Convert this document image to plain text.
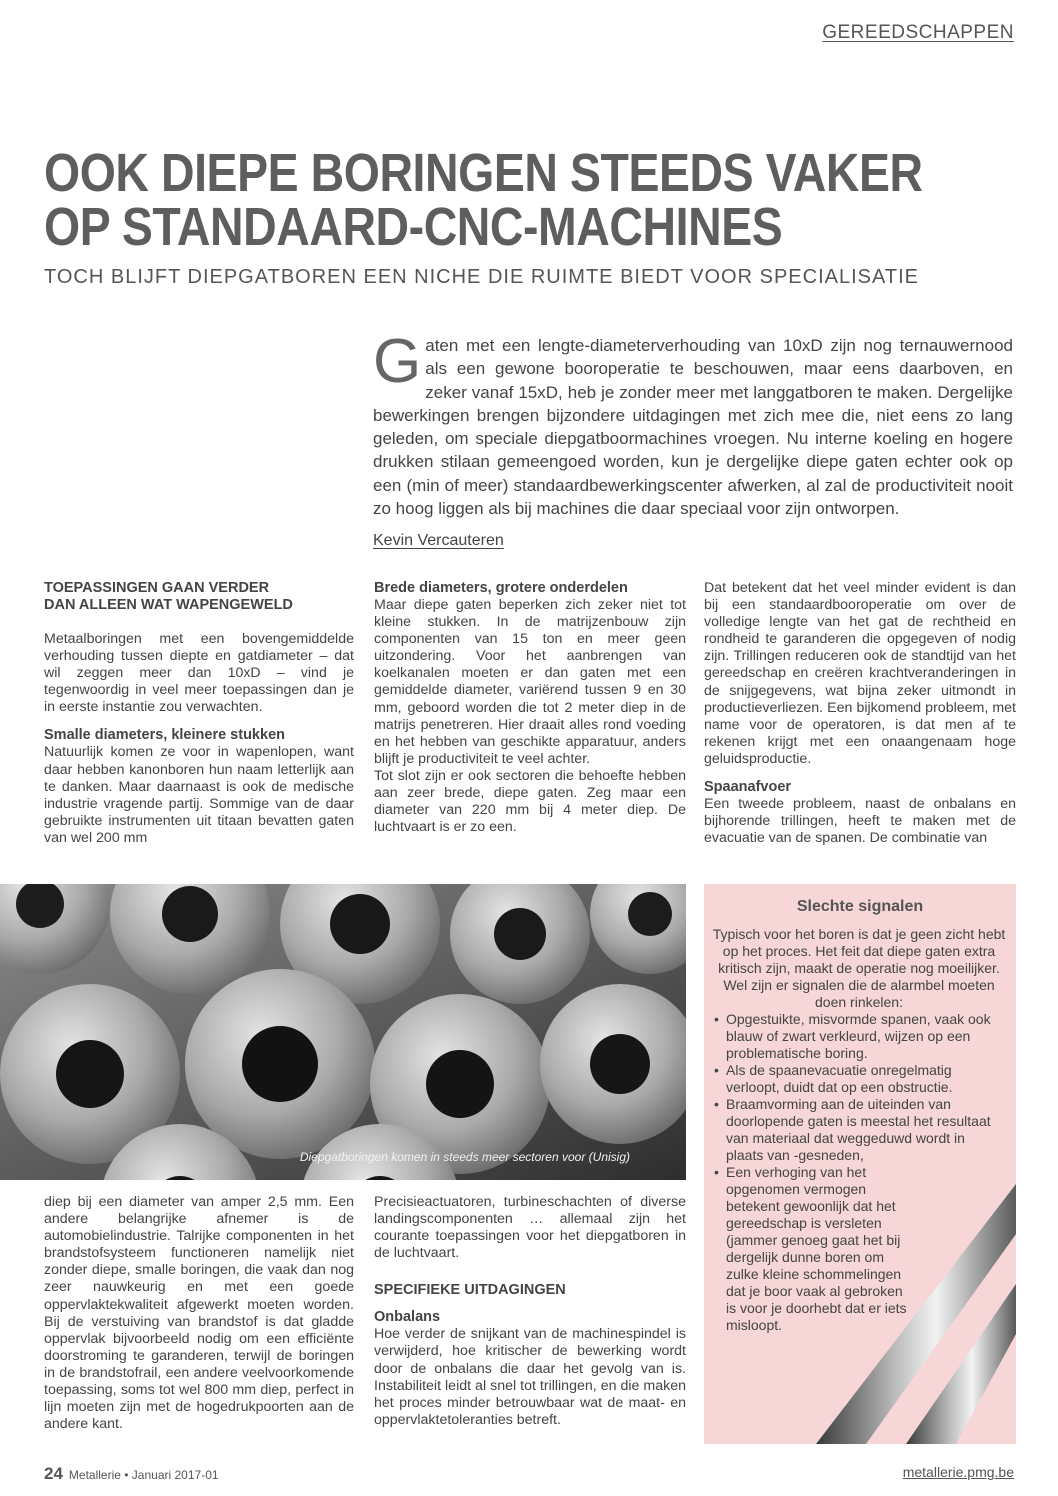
GEREEDSCHAPPEN
OOK DIEPE BORINGEN STEEDS VAKER
OP STANDAARD-CNC-MACHINES
TOCH BLIJFT DIEPGATBOREN EEN NICHE DIE RUIMTE BIEDT VOOR SPECIALISATIE
Gaten met een lengte-diameterverhouding van 10xD zijn nog ternauwernood als een gewone booroperatie te beschouwen, maar eens daarboven, en zeker vanaf 15xD, heb je zonder meer met langgatboren te maken. Dergelijke bewerkingen brengen bijzondere uitdagingen met zich mee die, niet eens zo lang geleden, om speciale diepgatboormachines vroegen. Nu interne koeling en hogere drukken stilaan gemeengoed worden, kun je dergelijke diepe gaten echter ook op een (min of meer) standaardbewerkingscenter afwerken, al zal de productiviteit nooit zo hoog liggen als bij machines die daar speciaal voor zijn ontworpen.
Kevin Vercauteren

TOEPASSINGEN GAAN VERDER
DAN ALLEEN WAT WAPENGEWELD

Metaalboringen met een bovengemiddelde verhouding tussen diepte en gatdiameter – dat wil zeggen meer dan 10xD – vind je tegenwoordig in veel meer toepassingen dan je in eerste instantie zou verwachten.

Smalle diameters, kleinere stukken

Natuurlijk komen ze voor in wapenlopen, want daar hebben kanonboren hun naam letterlijk aan te danken. Maar daarnaast is ook de medische industrie vragende partij. Sommige van de daar gebruikte instrumenten uit titaan bevatten gaten van wel 200 mm

Brede diameters, grotere onderdelen

Maar diepe gaten beperken zich zeker niet tot kleine stukken. In de matrijzenbouw zijn componenten van 15 ton en meer geen uitzondering. Voor het aanbrengen van koelkanalen moeten er dan gaten met een gemiddelde diameter, variërend tussen 9 en 30 mm, geboord worden die tot 2 meter diep in de matrijs penetreren. Hier draait alles rond voeding en het hebben van geschikte apparatuur, anders blijft je productiviteit te veel achter.

Tot slot zijn er ook sectoren die behoefte hebben aan zeer brede, diepe gaten. Zeg maar een diameter van 220 mm bij 4 meter diep. De luchtvaart is er zo een.

Dat betekent dat het veel minder evident is dan bij een standaardbooroperatie om over de volledige lengte van het gat de rechtheid en rondheid te garanderen die opgegeven of nodig zijn. Trillingen reduceren ook de standtijd van het gereedschap en creëren krachtveranderingen in de snijgegevens, wat bijna zeker uitmondt in productieverliezen. Een bijkomend probleem, met name voor de operatoren, is dat men af te rekenen krijgt met een onaangenaam hoge geluidsproductie.

Spaanafvoer

Een tweede probleem, naast de onbalans en bijhorende trillingen, heeft te maken met de evacuatie van de spanen. De combinatie van

Diepgatboringen komen in steeds meer sectoren voor (Unisig)
Slechte signalen

Typisch voor het boren is dat je geen zicht hebt op het proces. Het feit dat diepe gaten extra kritisch zijn, maakt de operatie nog moeilijker. Wel zijn er signalen die de alarmbel moeten doen rinkelen:

• Opgestuikte, misvormde spanen, vaak ook blauw of zwart verkleurd, wijzen op een problematische boring.
• Als de spaanevacuatie onregelmatig verloopt, duidt dat op een obstructie.
• Braamvorming aan de uiteinden van doorlopende gaten is meestal het resultaat van materiaal dat weggeduwd wordt in plaats van -gesneden,
• Een verhoging van het opgenomen vermogen betekent gewoonlijk dat het gereedschap is versleten (jammer genoeg gaat het bij dergelijk dunne boren om zulke kleine schommelingen dat je boor vaak al gebroken is voor je doorhebt dat er iets misloopt.

diep bij een diameter van amper 2,5 mm. Een andere belangrijke afnemer is de automobielindustrie. Talrijke componenten in het brandstofsysteem functioneren namelijk niet zonder diepe, smalle boringen, die vaak dan nog zeer nauwkeurig en met een goede oppervlaktekwaliteit afgewerkt moeten worden. Bij de verstuiving van brandstof is dat gladde oppervlak bijvoorbeeld nodig om een efficiënte doorstroming te garanderen, terwijl de boringen in de brandstofrail, een andere veelvoorkomende toepassing, soms tot wel 800 mm diep, perfect in lijn moeten zijn met de hogedrukpoorten aan de andere kant.

Precisieactuatoren, turbineschachten of diverse landingscomponenten … allemaal zijn het courante toepassingen voor het diepgatboren in de luchtvaart.

SPECIFIEKE UITDAGINGEN

Onbalans

Hoe verder de snijkant van de machinespindel is verwijderd, hoe kritischer de bewerking wordt door de onbalans die daar het gevolg van is. Instabiliteit leidt al snel tot trillingen, en die maken het proces minder betrouwbaar wat de maat- en oppervlaktetoleranties betreft.

24 Metallerie • Januari 2017-01	metallerie.pmg.be
